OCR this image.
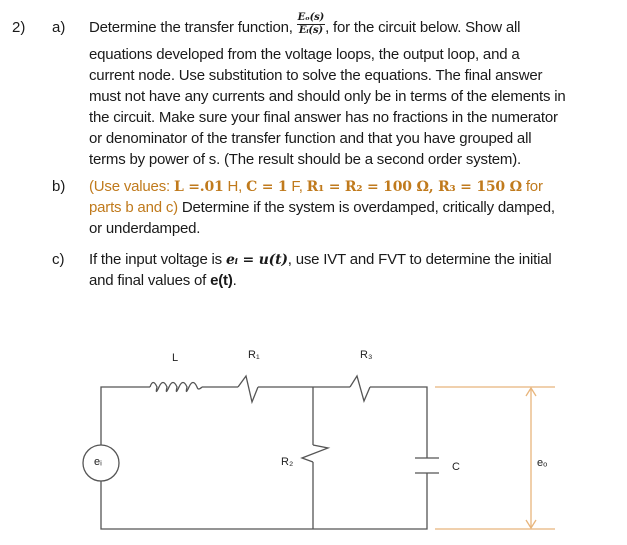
2) a) Determine the transfer function, $\frac{\text{Eₒ(s)}}{\text{Eᵢ(s)}}$ , for the circuit below. Show all
equations developed from the voltage loops, the output loop, and a
current node. Use substitution to solve the equations. The final answer
must not have any currents and should only be in terms of the elements in
the circuit. Make sure your final answer has no fractions in the numerator
or denominator of the transfer function and that you have grouped all
terms by power of s. (The result should be a second order system).
b) (Use values: L =.01 H, C = 1 F, R₁ = R₂ = 100 Ω, R₃ = 150 Ω for
parts b and c) Determine if the system is overdamped, critically damped,
or underdamped.
c) If the input voltage is eᵢ = u(t), use IVT and FVT to determine the initial
and final values of e(t).
L	R₁	R₃
R₂	C
eᵢ	eₒ
